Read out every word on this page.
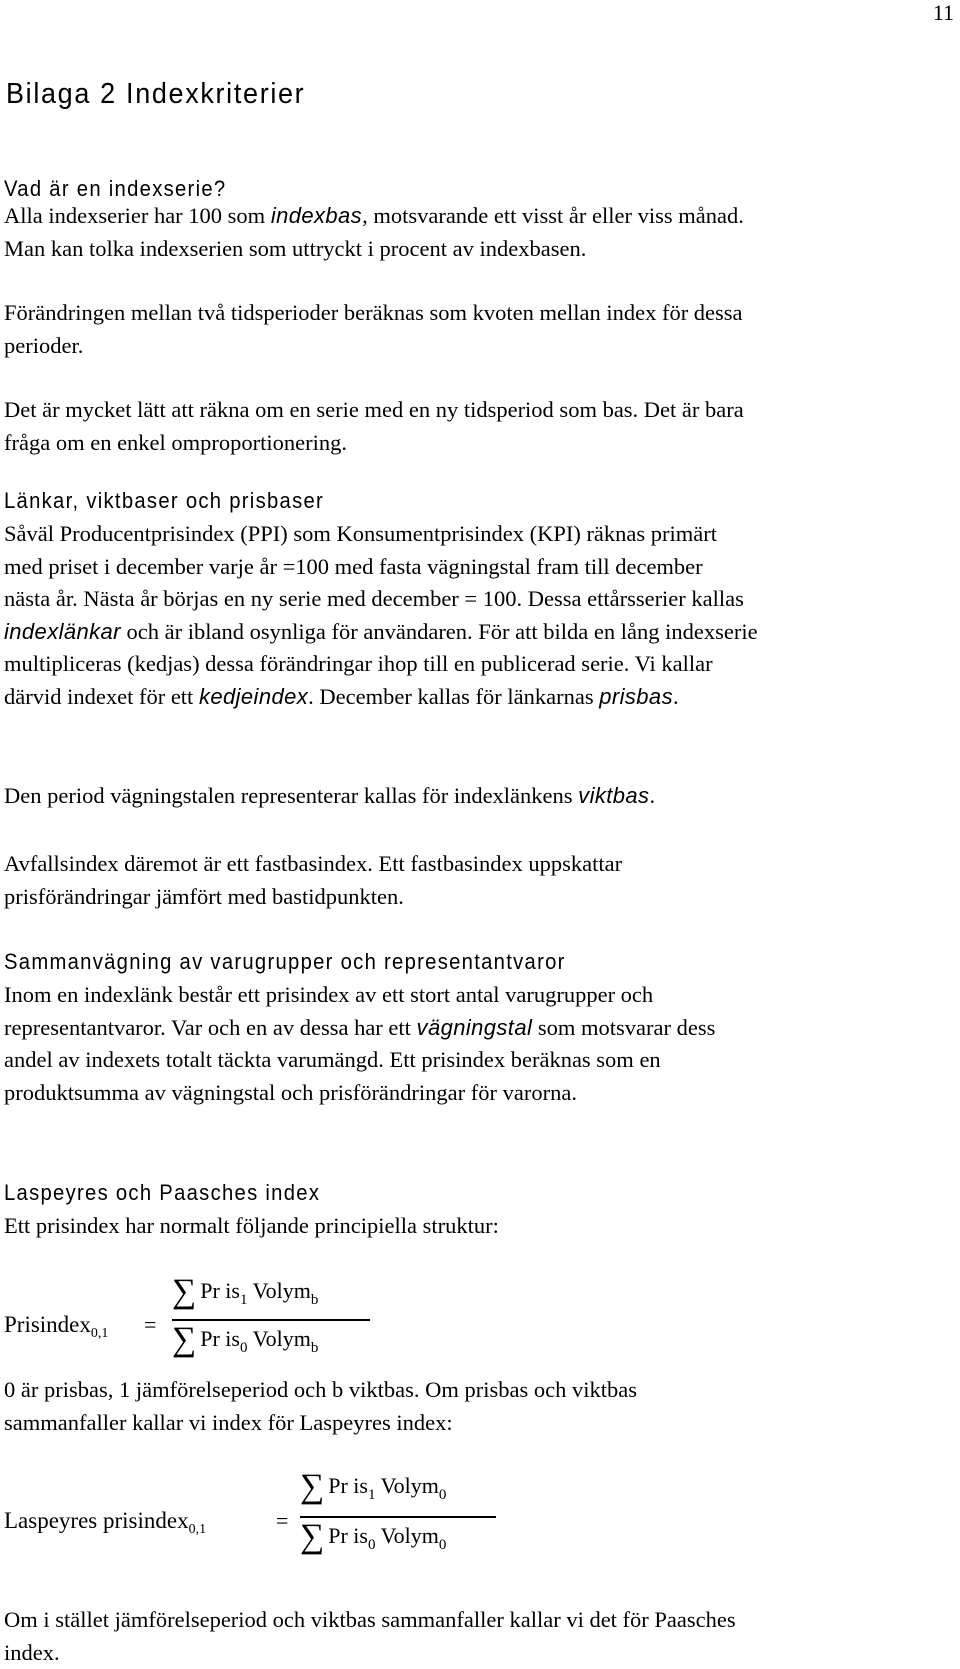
11
Bilaga 2 Indexkriterier
Vad är en indexserie?
Alla indexserier har 100 som indexbas, motsvarande ett visst år eller viss månad.
Man kan tolka indexserien som uttryckt i procent av indexbasen.
Förändringen mellan två tidsperioder beräknas som kvoten mellan index för dessa
perioder.
Det är mycket lätt att räkna om en serie med en ny tidsperiod som bas. Det är bara
fråga om en enkel omproportionering.
Länkar, viktbaser och prisbaser
Såväl Producentprisindex (PPI) som Konsumentprisindex (KPI) räknas primärt
med priset i december varje år =100 med fasta vägningstal fram till december
nästa år. Nästa år börjas en ny serie med december = 100. Dessa ettårsserier kallas
indexlänkar och är ibland osynliga för användaren. För att bilda en lång indexserie
multipliceras (kedjas) dessa förändringar ihop till en publicerad serie. Vi kallar
därvid indexet för ett kedjeindex. December kallas för länkarnas prisbas.
Den period vägningstalen representerar kallas för indexlänkens viktbas.
Avfallsindex däremot är ett fastbasindex. Ett fastbasindex uppskattar
prisförändringar jämfört med bastidpunkten.
Sammanvägning av varugrupper och representantvaror
Inom en indexlänk består ett prisindex av ett stort antal varugrupper och
representantvaror. Var och en av dessa har ett vägningstal som motsvarar dess
andel av indexets totalt täckta varumängd. Ett prisindex beräknas som en
produktsumma av vägningstal och prisförändringar för varorna.
Laspeyres och Paasches index
Ett prisindex har normalt följande principiella struktur:
Prisindex$_{0,1}$ =
∑ Pr $is_1$ Volym$_b$
∑ Pr $is_0$ Volym$_b$
0 är prisbas, 1 jämförelseperiod och b viktbas. Om prisbas och viktbas
sammanfaller kallar vi index för Laspeyres index:
Laspeyres prisindex$_{0,1}$	=
∑ Pr $is_1$ Volym$_0$
∑ Pr $is_0$ Volym$_0$
Om i stället jämförelseperiod och viktbas sammanfaller kallar vi det för Paasches
index.
